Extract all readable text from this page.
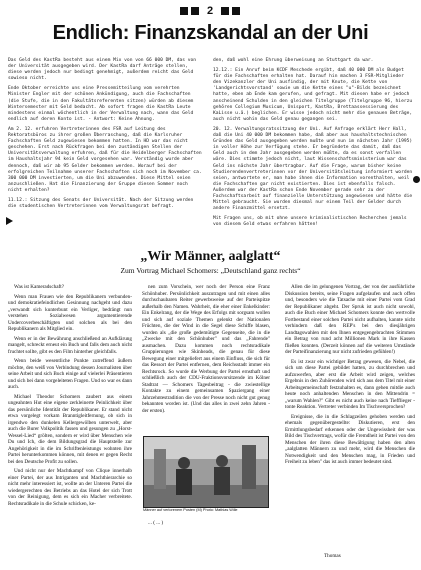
2
Endlich: Finanzskandal an der Uni

Das Geld des KastRa besteht aus einem Mix von von 66 000 DM, das von der Universität ausgegeben wird. Der KastRa darf Anträge stellen, diese werden jedoch nur bedingt genehmigt, außerdem reicht das Geld sowieso nicht.

Ende Oktober erreichte uns eine Pressemitteilung vom verehrten Minister Engler mit der schönen Ankündigung, auch die Fachschaften (die Stufe, die in den Fakultätsreferenten sitzen) würden ab diesem Wintersemester mit Geld bedacht. Ab sofort fragen die KastRa Leute mindestens einmal wöchentlich in der Verwaltung nach, wann das Geld endlich auf deren Konto ist. - Antwort: Keine Ahnung.

Am 2. 12. erfuhren Vertreterinnen des FSR auf Leitung des Rektoratsbüros zu ihrer großen Überraschung, daß die Karlsruher Fachschaften Geld zugewiesen bekommen hatten. In HD war das nicht geschehen. Erst nach Rückfragen bei den zuständigen Stellen der Universitätsverwaltung erfuhren, daß für die Heidelberger Fachschaften im Haushaltsjahr 94 kein Geld vorgesehen war. Verständig wurde aber dennoch, daß wir ab 95 Gelder bekommen werden. Worauf bei der erfolgreichen Teilnahme unserer Fachschaften sich noch im November ca. 300 000 DM investierten, um die Uni abzuwenden. Diese Mittel seien anzuschließen. Hat die Finanzierung der Gruppe diesen Sommer noch nicht erhalten?

11.12.: Sitzung des Senats der Universität. Nach der Sitzung werden die studentischen Vertreterinnen vom Verwaltungsrat befragt.

den, daß wohl eine Ehrung überweisung an Stuttgart da war.

12.12.: Ein Anruf beim KCDF Meschede ergibt, daß 40 000 DM als Budget für die Fachschaften erhalten hat. Darauf hin machen 3 FSR-Mitglieder den Vizekanzler der Uni ausfindig, der mit Knute, die Kette von 'Landgerichtsvorstand' sowie um die Kette eines "u"-Bilds bezeichnet hatte, eben ab Ende kam gerufen, und gefragt. Mit diesen habe er jedoch anscheinend Schulden in den gleichen Titelgruppe (Titelgruppe 96, hierzu gehören Collegium Musicum, Unisport, KastRa, Brettaassessierung des KaLisse u.ä.) beglichen. Er wisse jedoch nicht mehr die genauen Beträge, auch nicht wohin das Geld genau gegangen sei.

20. 12. Verwaltungsratssitzung der Uni. Auf Anfrage erklärt Herr Hall, daß die Uni 40 000 DM bekommen habe, daß aber aus haushaltstechnischen Gründen das Geld ausgegeben werden mußte und nun im nächsten Jahr (1995) in voller Höhe zur Verfügung stehe. Er begründete das damit, daß das Geld auch in dem Jahr ausgegeben werden müßte, da es sonst verfallen wäre. Dies stimmte jedoch nicht, laut Wissenschaftsministerium war das Geld ins nächste Jahr übertragbar. Auf die Frage, warum bisher keine Studierendenvertreterinnen vor der Universitätsleitung informiert worden seien, antwortete er, man habe ihnen die Information vorenthalten, weil die Fachschaften gar nicht existierten. Dies ist ebenfalls falsch. Außerdem war der KastRa schon Ende November gerade sehr zu der Fachschaftsarbeit auf finanzielle Unterstützung angewiesen und hätte die Mittel gebraucht. Sie wurden diesmal nur einem Teil der Gelder durch andere Finanzmittel ersetzt.

Mit Fragen uns, ob mit ohne unsere kriminalistischen Recherchen jemals von diesem Geld etwas erfahren hätten!

„Wir Männer, aalglatt“
Zum Vortrag Michael Schomers: „Deutschland ganz rechts“

Was ist Kameradschaft?

Wenn man Frauen wie den Republikanern verbunden- und demokratiefeindlichen Gesinnung nachgeht und dazu „verwandt sich kunterbunt ein Verliger, bedrängt nun verstehen Sozialwesen argumentierende Undercoverbeschäftigten und solchen als bei den Republikanern als Mitglied ein.

Wenn er in der Bewährung anschließend an Aufklärung mangelt, schreckt erneut ein Buch und falls dem auch nicht fruchtet sollte, gibt es den Film hinterher gleichfalls.

Wenn beide wesentliche Punkte zutreffend äußern möchte, den weiß von Verbindung dessen Journalisten über seine Arbeit und sich Buch einige auf vielerlei Präsentieren und sich bei dann vorgeleiteten Fragen. Und so war es dann auch.

Michael Theodor Schomers zaubert aus einem ungeahnten Hut eine eigene zerkleinerte Peinlichkeit über das persönliche Identität der Republikaner. Er stand nicht etwa vorgelegt vorkam Branntigleitfernung, ob sich in irgendwo den dunkelen Kellergewölben unterwelt, aber auch die Burer Volkpolitik fassen und gesungen zu „Horst-Wessel-Lied“ grölten, sondern er wird über Menschen wie Du und Ich, die dem Bildungsgrad die Hauptstelle zur Angehörigkeit in die im Schriftenleistungs wohnten ihre Partei herunterkommen können, mit denen er gegen Recht bei den Deutsche Profit zu sollen.

Und nicht nur der Machtkampf von Clique innerhalb einer Partei, der aus Intriganten und Machthierarchie so nicht mehr interessiert ist, wollte an der Unteren Partei die wiedergerechten des Betriebs an das Hotel der sich Trott von der Reinigung, dem es sich ein Macher verbreitete. Rechtsradikale in die Schule schicken, ke-

nen zum Vorschein, wer noch der Person eine Franz Schönhuber. Persönlichkeit auszutragen und mit einen alles durchschaubaren Reiter gewerbsweise auf der Parteispitze außerhalb den Namen. Wahrheit, die eher einer Enkelkinder: Ein Enkelrang, der die Wege des Erfolgs mit sorgsam wollen und sich auf soziale Themen gelenkt der Nationalen Früchten, die der Wind in die Segel diese Schiffe blasen, wurden als „die große gedemütigte Gegenseite, die in die „Zwecke mit den Schönhuber" und das „Fahrende" ausmachen. Dazu kommen noch rechtsradikale Gruppierungen wie Skinheads, die genau für diese Bewegung einer mitgeliefert aus einem Einfluss, die sich für das Ressort der Partei entfernen, dem Reichsstadt immer ein Rechtsrock. So wurde die Werbung der Partei ernsthaft und schließlich auch der CDU-Fraktionsvorsitzende im Kölner Stadtrat — Schomers Tagesbeitrag - die zwiestellige Kontakte zu einem gemeinsamen Spaziergang einer Jahrzehntestradition die von der Presse noch nicht gut genug bekannten worden ist. (Und das alles in zwei zehn Jahren - der ersten).

Männer auf verlorenem Posten (M) Photo: Mathias Wille

... ( ... )

Allen die im gelungenen Vortrag, der von der ausführliche Diskussion bereits, seine Fragen aufgelaufen und auch offen und, besonders wie die Tatsache mit einer Partei vom Grad der Republikaner abgeht. Der Spruk ist auch nicht sowohl, auch die Buch einer Michael Schomers konnte den wertvolle Fortbestand einer solchen Partei nicht aufhalten, kannte nicht verhindern daß den REP's bei den diesjährigen Landtagswahlen mit den Ihnen entgegengebrachten Stimmen ein Betrag von rund acht Millionen Mark in ihre Kassen fließen konnten. (Derzeit können auf die weiteren Umstände der Parteifinanzierung nur nicht zufrieden gefühlen!)

Es ist zwar ein wichtiger Betrag gewesen, die Nebel, die sich um diese Partei gebildet hatten, zu durchbrechen und aufzuwerfen, aber erst die Arbeit wird zeigen, welches Ergebnis in den Zuhörenden wird sich aus dem Titel mit einer Arbeitsgemeinschaft festzuhalten es, dann gehen mitdie auch heute noch anhaltenden Menschen in den Mittendrin = „warum Wahlen?" Gibt es nicht auch keine nach Tiefflieger - tonte Reaktion. Vertreter verbinden Im Tischversprochen?

Ereignisse, die in die Schlagzeilen gehoben werden und ehemals gegenübergestellte: Diskutieren, erst den Ermittlungsbedarf erkennen oder der Ungewissheit der was Bild des Tischvertrags, wofür die Fremdheit ist Partei von den Menschen der ihren diese Bewältigung haben den alten „aalglatten Männern zu und mehr, wird die Menschen die Notwendigkeit und den Menschen mag, in Frieden und Freiheit zu leben" das ist auch immer bedeutet sind.

Thomas
